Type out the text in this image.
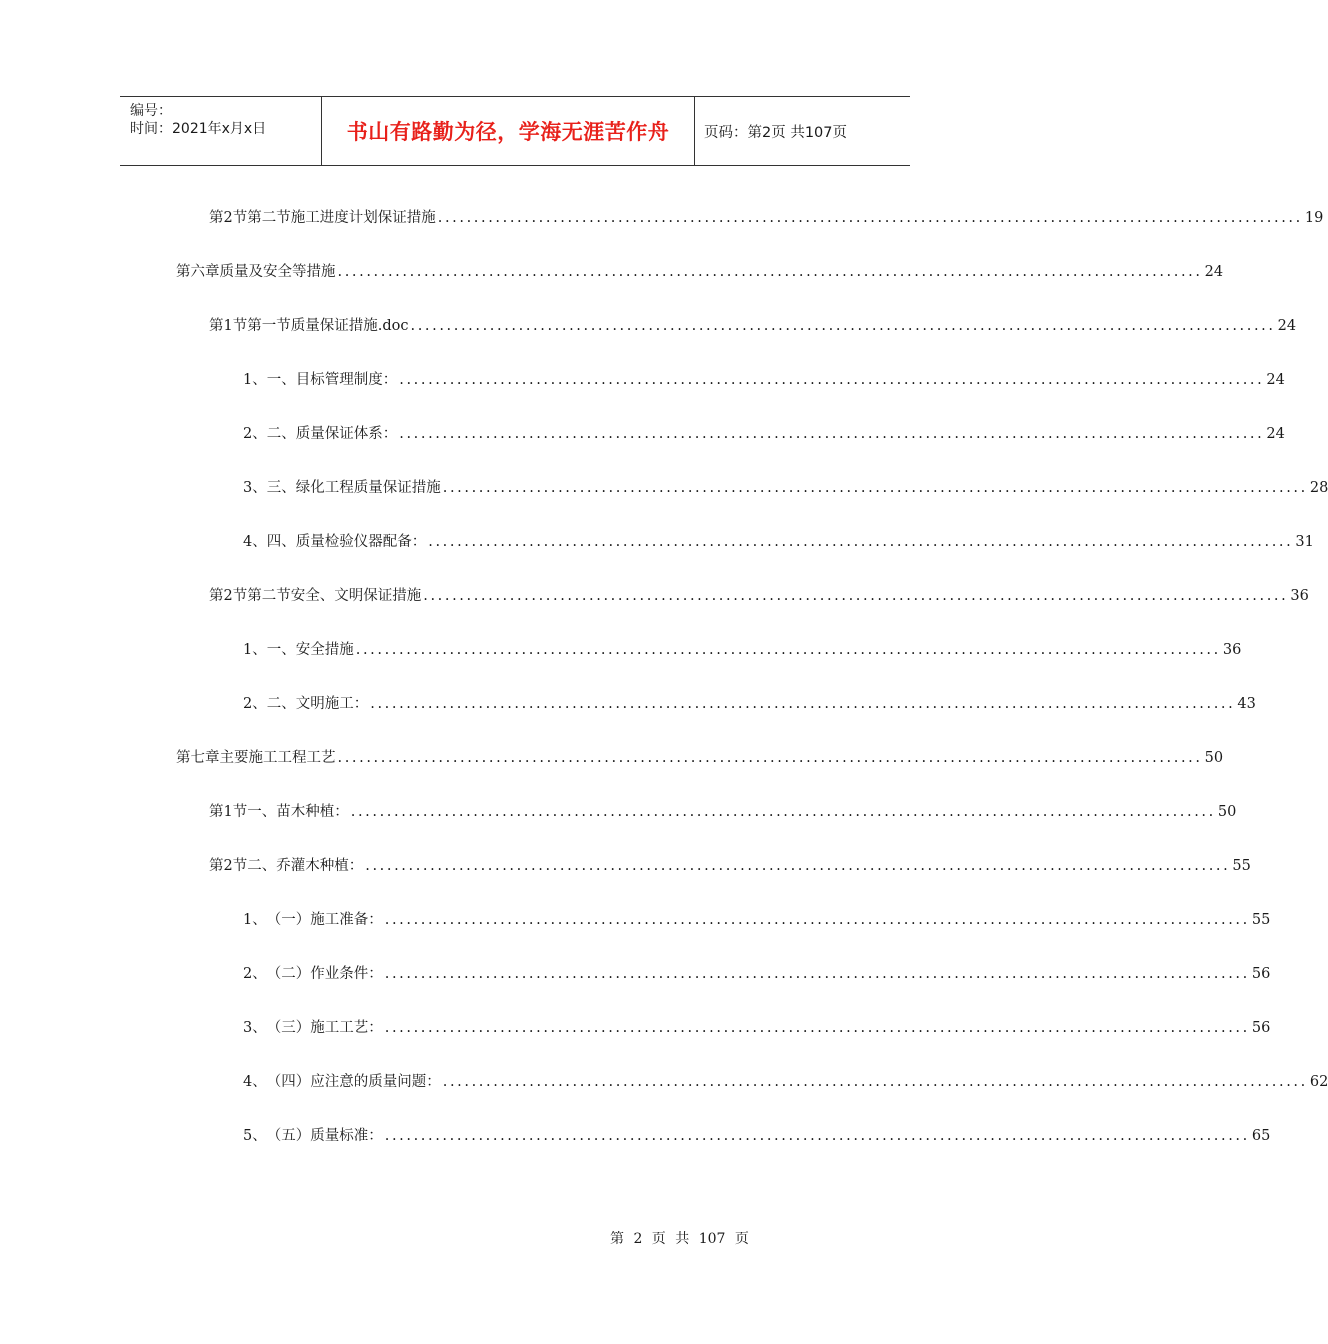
编号：
时间：2021年x月x日	书山有路勤为径，学海无涯苦作舟	页码：第2页 共107页
第2节 第二节施工进度计划保证措施 ........................................................................................................................ 19
第六章 质量及安全等措施 ........................................................................................................................ 24
第1节 第一节质量保证措施.doc ........................................................................................................................ 24
1、 一、目标管理制度： ........................................................................................................................ 24
2、 二、质量保证体系： ........................................................................................................................ 24
3、 三、绿化工程质量保证措施 ........................................................................................................................ 28
4、 四、质量检验仪器配备： ........................................................................................................................ 31
第2节 第二节安全、文明保证措施 ........................................................................................................................ 36
1、 一、安全措施 ........................................................................................................................ 36
2、 二、文明施工： ........................................................................................................................ 43
第七章 主要施工工程工艺 ........................................................................................................................ 50
第1节 一、苗木种植： ........................................................................................................................ 50
第2节 二、乔灌木种植： ........................................................................................................................ 55
1、 （一）施工准备： ........................................................................................................................ 55
2、 （二）作业条件： ........................................................................................................................ 56
3、 （三）施工工艺： ........................................................................................................................ 56
4、 （四）应注意的质量问题： ........................................................................................................................ 62
5、 （五）质量标准： ........................................................................................................................ 65
第 2 页 共 107 页
